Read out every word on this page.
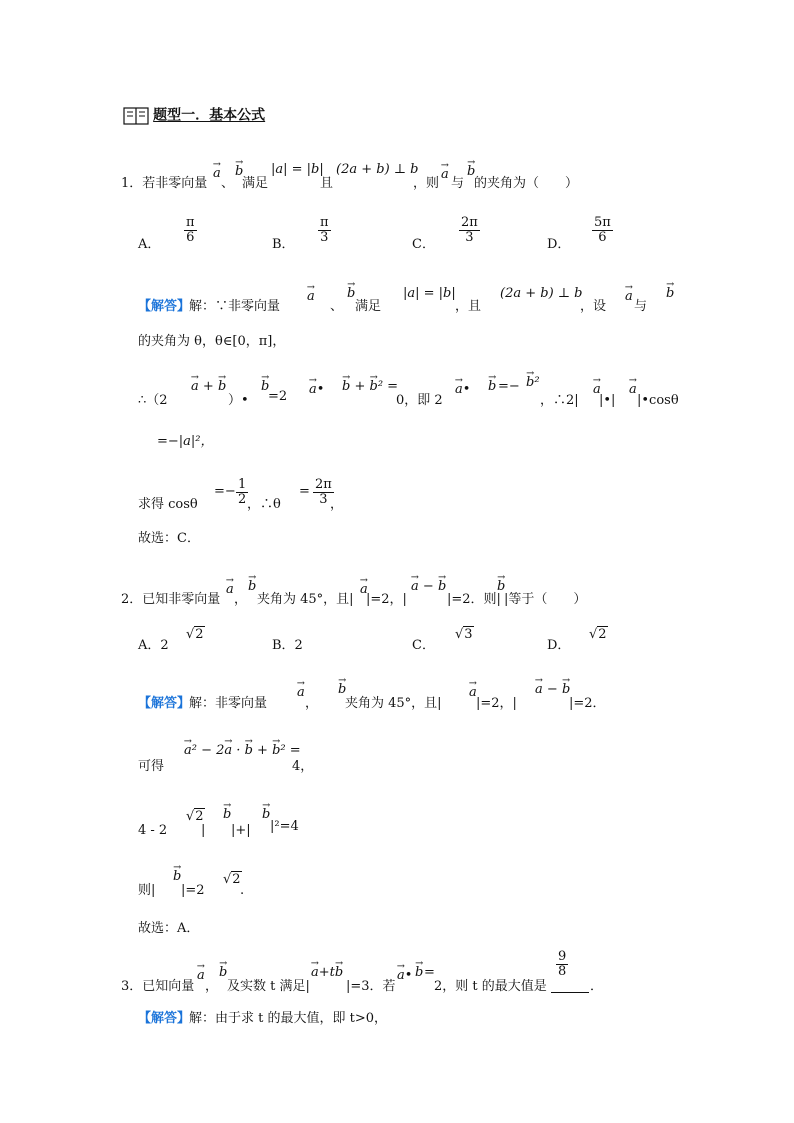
题型一．基本公式
1．若非零向量
→ a
、
→ b
满足
|a| = |b|
且
(2a + b) ⊥ b
，则
→ a
与
→ b
的夹角为（　　）
A．
$\frac{\pi}{6}$
B．
$\frac{\pi}{3}$
C．
$\frac{2\pi}{3}$
D．
$\frac{5\pi}{6}$
【解答】
解：∵非零向量
→ a
、
→ b
满足
|a| = |b|
，且
(2a + b) ⊥ b
，设
→ a
与
→ b
的夹角为 θ，θ∈[0，π]，
∴（2
→ a + → b
）•
→ b
=2 → a• → b + → b² =
0，即 2
→ a• → b =− → b²
，∴2|
→ a
|•|
→ a
|•cosθ
=−|a|²，
求得 cosθ
=− $\frac{1}{2}$
，∴θ
= $\frac{2\pi}{3}$
，
故选：C．
2．已知非零向量
→ a
，
→ b
夹角为 45°，且|
→ a
|=2，|
→ a − → b
|=2．则|
→ b
|等于（　　）
A．2
√2
B．2	C．
√3
D．
√2
【解答】
解：非零向量
→ a
，
→ b
夹角为 45°，且|
→ a
|=2，|
→ a − → b
|=2．
可得
→ a² − 2→ a · → b + → b² =
4，
4 - 2
√2
|
→ b
|+|
→ b
|²=4
则|
→ b
|=2
√2
.
故选：A．
3．已知向量
→ a
，
→ b
及实数 t 满足|
→ a+t→ b
|=3．若
→ a• → b =
2，则 t 的最大值是
$\frac{9}{8}$
．
【解答】
解：由于求 t 的最大值，即 t>0，
